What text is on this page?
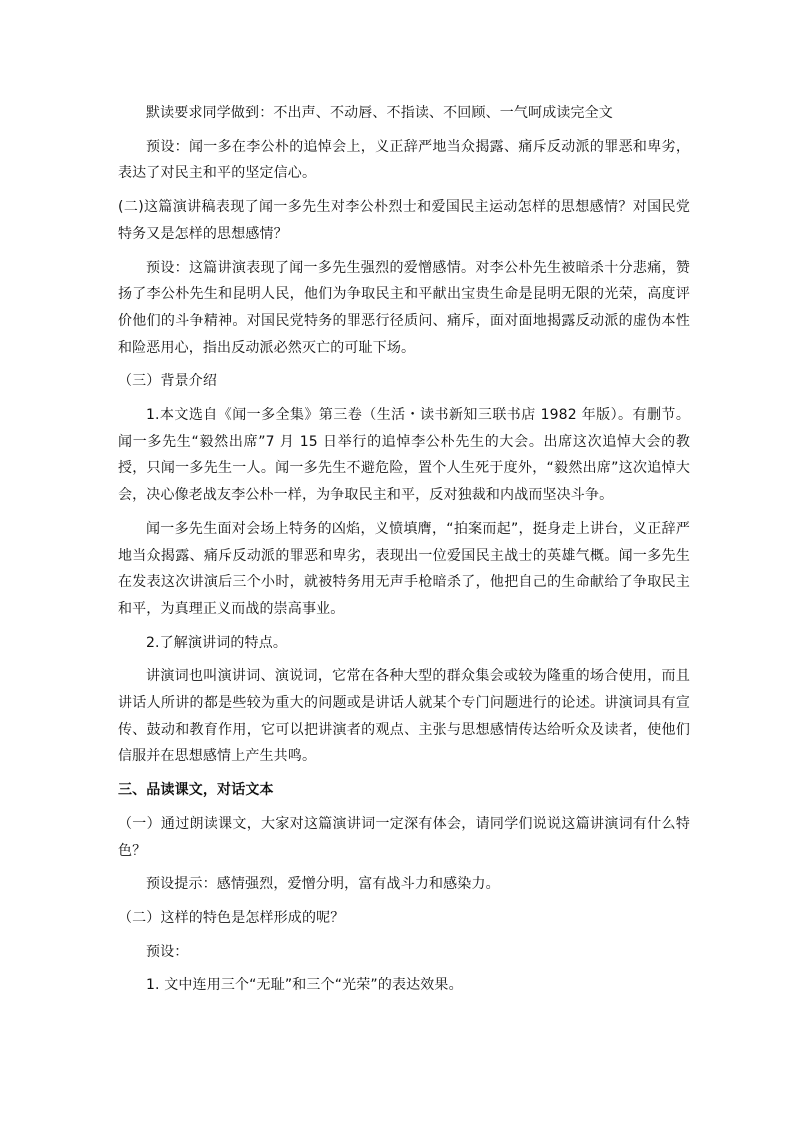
默读要求同学做到：不出声、不动唇、不指读、不回顾、一气呵成读完全文

预设：闻一多在李公朴的追悼会上，义正辞严地当众揭露、痛斥反动派的罪恶和卑劣，表达了对民主和平的坚定信心。

(二)这篇演讲稿表现了闻一多先生对李公朴烈士和爱国民主运动怎样的思想感情？对国民党特务又是怎样的思想感情？

预设：这篇讲演表现了闻一多先生强烈的爱憎感情。对李公朴先生被暗杀十分悲痛，赞扬了李公朴先生和昆明人民，他们为争取民主和平献出宝贵生命是昆明无限的光荣，高度评价他们的斗争精神。对国民党特务的罪恶行径质问、痛斥，面对面地揭露反动派的虚伪本性和险恶用心，指出反动派必然灭亡的可耻下场。

（三）背景介绍

1.本文选自《闻一多全集》第三卷（生活・读书新知三联书店 1982 年版）。有删节。闻一多先生“毅然出席”7 月 15 日举行的追悼李公朴先生的大会。出席这次追悼大会的教授，只闻一多先生一人。闻一多先生不避危险，置个人生死于度外，“毅然出席”这次追悼大会，决心像老战友李公朴一样，为争取民主和平，反对独裁和内战而坚决斗争。

闻一多先生面对会场上特务的凶焰，义愤填膺，“拍案而起”，挺身走上讲台，义正辞严地当众揭露、痛斥反动派的罪恶和卑劣，表现出一位爱国民主战士的英雄气概。闻一多先生在发表这次讲演后三个小时，就被特务用无声手枪暗杀了，他把自己的生命献给了争取民主和平，为真理正义而战的崇高事业。

2.了解演讲词的特点。

讲演词也叫演讲词、演说词，它常在各种大型的群众集会或较为隆重的场合使用，而且讲话人所讲的都是些较为重大的问题或是讲话人就某个专门问题进行的论述。讲演词具有宣传、鼓动和教育作用，它可以把讲演者的观点、主张与思想感情传达给听众及读者，使他们信服并在思想感情上产生共鸣。

三、品读课文，对话文本

（一）通过朗读课文，大家对这篇演讲词一定深有体会，请同学们说说这篇讲演词有什么特色？

预设提示：感情强烈，爱憎分明，富有战斗力和感染力。

（二）这样的特色是怎样形成的呢？

预设：

1. 文中连用三个“无耻”和三个“光荣”的表达效果。
